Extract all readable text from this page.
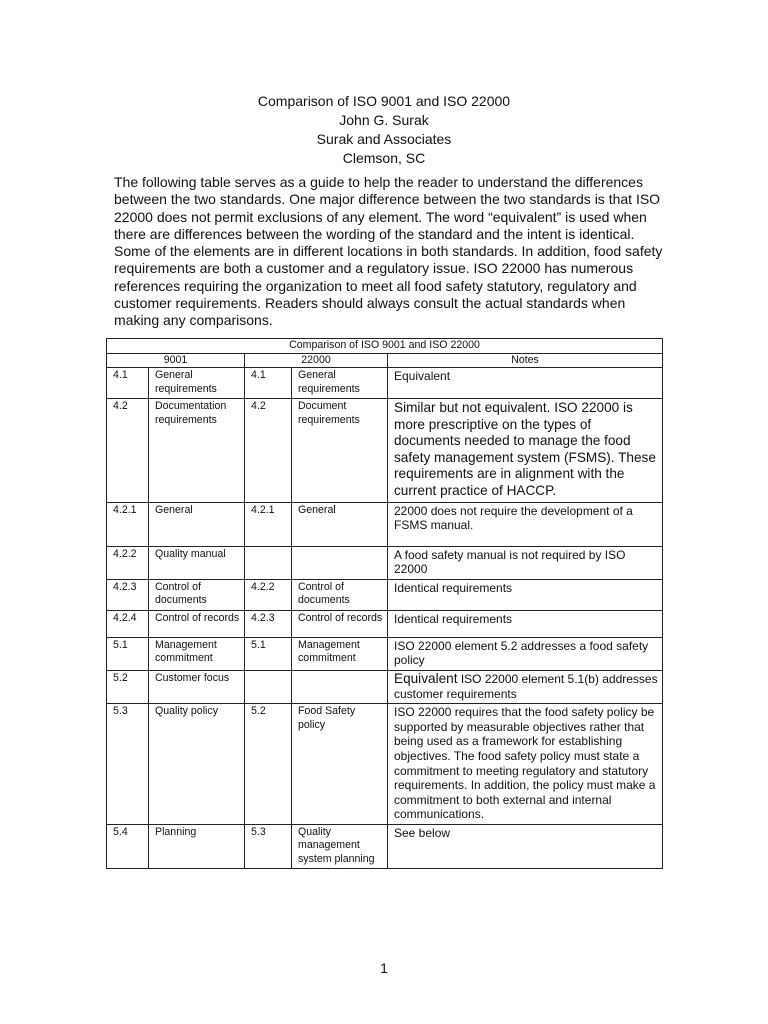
Comparison of ISO 9001 and ISO 22000
John G. Surak
Surak and Associates
Clemson, SC

The following table serves as a guide to help the reader to understand the differences between the two standards. One major difference between the two standards is that ISO 22000 does not permit exclusions of any element. The word “equivalent” is used when there are differences between the wording of the standard and the intent is identical. Some of the elements are in different locations in both standards. In addition, food safety requirements are both a customer and a regulatory issue. ISO 22000 has numerous references requiring the organization to meet all food safety statutory, regulatory and customer requirements. Readers should always consult the actual standards when making any comparisons.

Comparison of ISO 9001 and ISO 22000				
9001		22000		Notes
4.1	General requirements	4.1	General requirements	Equivalent
4.2	Documentation requirements	4.2	Document requirements	Similar but not equivalent. ISO 22000 is more prescriptive on the types of documents needed to manage the food safety management system (FSMS). These requirements are in alignment with the current practice of HACCP.
4.2.1	General	4.2.1	General	22000 does not require the development of a FSMS manual.
4.2.2	Quality manual			A food safety manual is not required by ISO 22000
4.2.3	Control of documents	4.2.2	Control of documents	Identical requirements
4.2.4	Control of records	4.2.3	Control of records	Identical requirements
5.1	Management commitment	5.1	Management commitment	ISO 22000 element 5.2 addresses a food safety policy
5.2	Customer focus			Equivalent ISO 22000 element 5.1(b) addresses customer requirements
5.3	Quality policy	5.2	Food Safety policy	ISO 22000 requires that the food safety policy be supported by measurable objectives rather that being used as a framework for establishing objectives. The food safety policy must state a commitment to meeting regulatory and statutory requirements. In addition, the policy must make a commitment to both external and internal communications.
5.4	Planning	5.3	Quality management system planning	See below
1
